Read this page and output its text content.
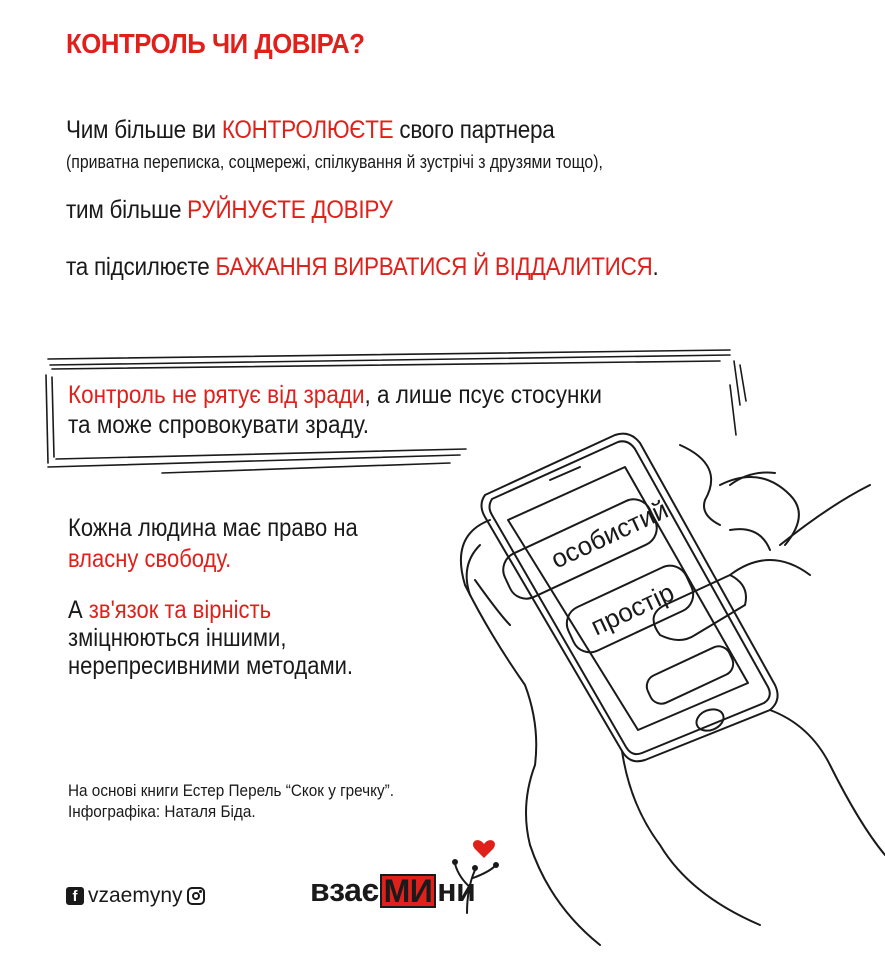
КОНТРОЛЬ ЧИ ДОВІРА?
Чим більше ви КОНТРОЛЮЄТЕ свого партнера
(приватна переписка, соцмережі, спілкування й зустрічі з друзями тощо),
тим більше РУЙНУЄТЕ ДОВІРУ
та підсилюєте БАЖАННЯ ВИРВАТИСЯ Й ВІДДАЛИТИСЯ.
Контроль не рятує від зради, а лише псує стосунки
та може спровокувати зраду.
Кожна людина має право на
власну свободу.
А зв'язок та вірність
зміцнюються іншими,
нерепресивними методами.
особистий
простір
На основі книги Естер Перель “Скок у гречку”.
Інфографіка: Наталя Біда.
f vzaemyny	взає МИ ни
